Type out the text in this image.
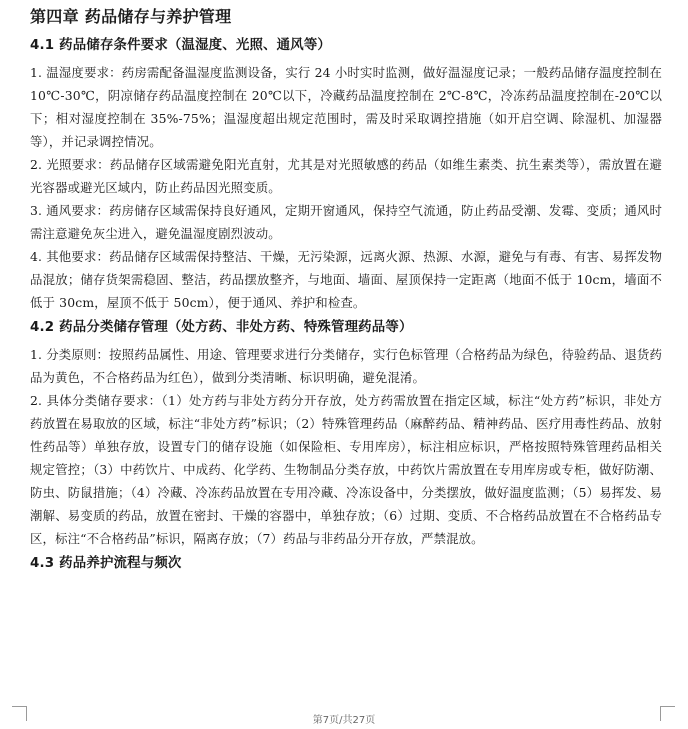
第四章 药品储存与养护管理
4.1 药品储存条件要求（温湿度、光照、通风等）

1. 温湿度要求：药房需配备温湿度监测设备，实行 24 小时实时监测，做好温湿度记录；一般药品储存温度控制在 10℃-30℃，阴凉储存药品温度控制在 20℃以下，冷藏药品温度控制在 2℃-8℃，冷冻药品温度控制在-20℃以下；相对湿度控制在 35%-75%；温湿度超出规定范围时，需及时采取调控措施（如开启空调、除湿机、加湿器等），并记录调控情况。

2. 光照要求：药品储存区域需避免阳光直射，尤其是对光照敏感的药品（如维生素类、抗生素类等），需放置在避光容器或避光区域内，防止药品因光照变质。

3. 通风要求：药房储存区域需保持良好通风，定期开窗通风，保持空气流通，防止药品受潮、发霉、变质；通风时需注意避免灰尘进入，避免温湿度剧烈波动。

4. 其他要求：药品储存区域需保持整洁、干燥，无污染源，远离火源、热源、水源，避免与有毒、有害、易挥发物品混放；储存货架需稳固、整洁，药品摆放整齐，与地面、墙面、屋顶保持一定距离（地面不低于 10cm，墙面不低于 30cm，屋顶不低于 50cm），便于通风、养护和检查。

4.2 药品分类储存管理（处方药、非处方药、特殊管理药品等）

1. 分类原则：按照药品属性、用途、管理要求进行分类储存，实行色标管理（合格药品为绿色，待验药品、退货药品为黄色，不合格药品为红色），做到分类清晰、标识明确，避免混淆。

2. 具体分类储存要求：（1）处方药与非处方药分开存放，处方药需放置在指定区域，标注“处方药”标识，非处方药放置在易取放的区域，标注“非处方药”标识；（2）特殊管理药品（麻醉药品、精神药品、医疗用毒性药品、放射性药品等）单独存放，设置专门的储存设施（如保险柜、专用库房），标注相应标识，严格按照特殊管理药品相关规定管控；（3）中药饮片、中成药、化学药、生物制品分类存放，中药饮片需放置在专用库房或专柜，做好防潮、防虫、防鼠措施；（4）冷藏、冷冻药品放置在专用冷藏、冷冻设备中，分类摆放，做好温度监测；（5）易挥发、易潮解、易变质的药品，放置在密封、干燥的容器中，单独存放；（6）过期、变质、不合格药品放置在不合格药品专区，标注“不合格药品”标识，隔离存放；（7）药品与非药品分开存放，严禁混放。

4.3 药品养护流程与频次
第7页/共27页
